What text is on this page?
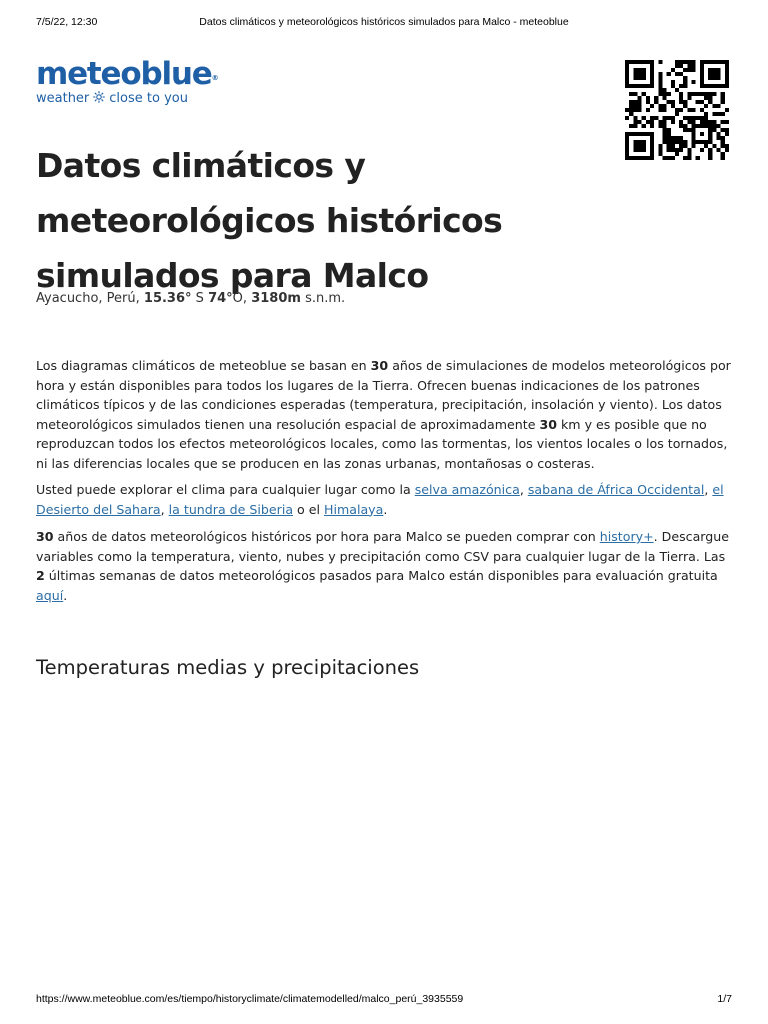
7/5/22, 12:30	Datos climáticos y meteorológicos históricos simulados para Malco - meteoblue
meteoblue®
weather close to you
Datos climáticos y meteorológicos históricos simulados para Malco
Ayacucho, Perú, 15.36° S 74°O, 3180m s.n.m.

Los diagramas climáticos de meteoblue se basan en 30 años de simulaciones de modelos meteorológicos por hora y están disponibles para todos los lugares de la Tierra. Ofrecen buenas indicaciones de los patrones climáticos típicos y de las condiciones esperadas (temperatura, precipitación, insolación y viento). Los datos meteorológicos simulados tienen una resolución espacial de aproximadamente 30 km y es posible que no reproduzcan todos los efectos meteorológicos locales, como las tormentas, los vientos locales o los tornados, ni las diferencias locales que se producen en las zonas urbanas, montañosas o costeras.

Usted puede explorar el clima para cualquier lugar como la selva amazónica, sabana de África Occidental, el Desierto del Sahara, la tundra de Siberia o el Himalaya.

30 años de datos meteorológicos históricos por hora para Malco se pueden comprar con history+. Descargue variables como la temperatura, viento, nubes y precipitación como CSV para cualquier lugar de la Tierra. Las 2 últimas semanas de datos meteorológicos pasados para Malco están disponibles para evaluación gratuita aquí.

Temperaturas medias y precipitaciones
https://www.meteoblue.com/es/tiempo/historyclimate/climatemodelled/malco_perú_3935559	1/7
